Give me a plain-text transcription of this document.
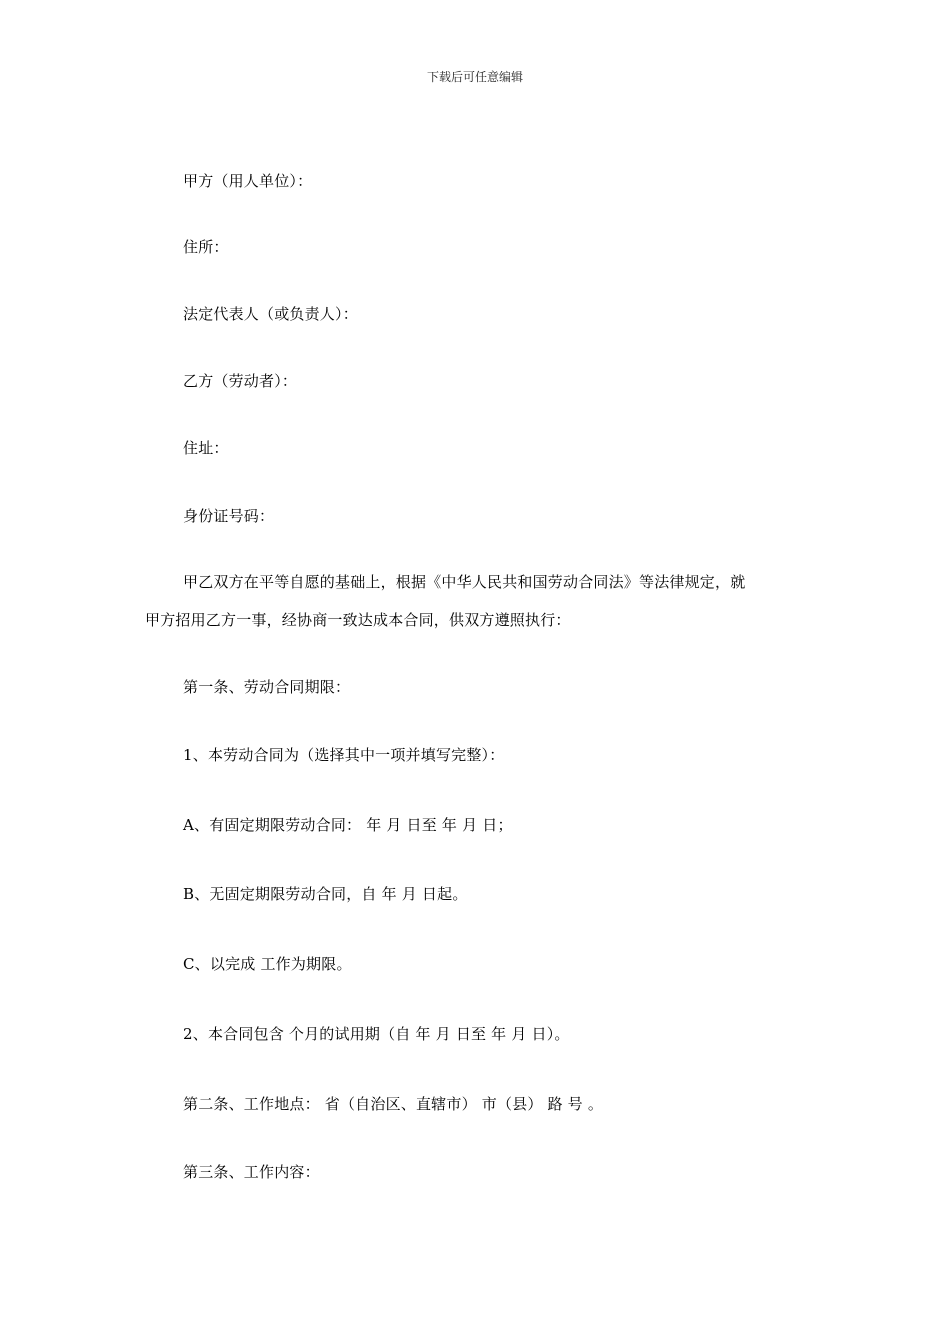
下载后可任意编辑
甲方（用人单位）：
住所：
法定代表人（或负责人）：
乙方（劳动者）：
住址：
身份证号码：
甲乙双方在平等自愿的基础上，根据《中华人民共和国劳动合同法》等法律规定，就
甲方招用乙方一事，经协商一致达成本合同，供双方遵照执行：
第一条、劳动合同期限：
1、本劳动合同为（选择其中一项并填写完整）：
A、有固定期限劳动合同： 年 月 日至 年 月 日；
B、无固定期限劳动合同，自 年 月 日起。
C、以完成 工作为期限。
2、本合同包含 个月的试用期（自 年 月 日至 年 月 日）。
第二条、工作地点： 省（自治区、直辖市） 市（县） 路 号 。
第三条、工作内容：
